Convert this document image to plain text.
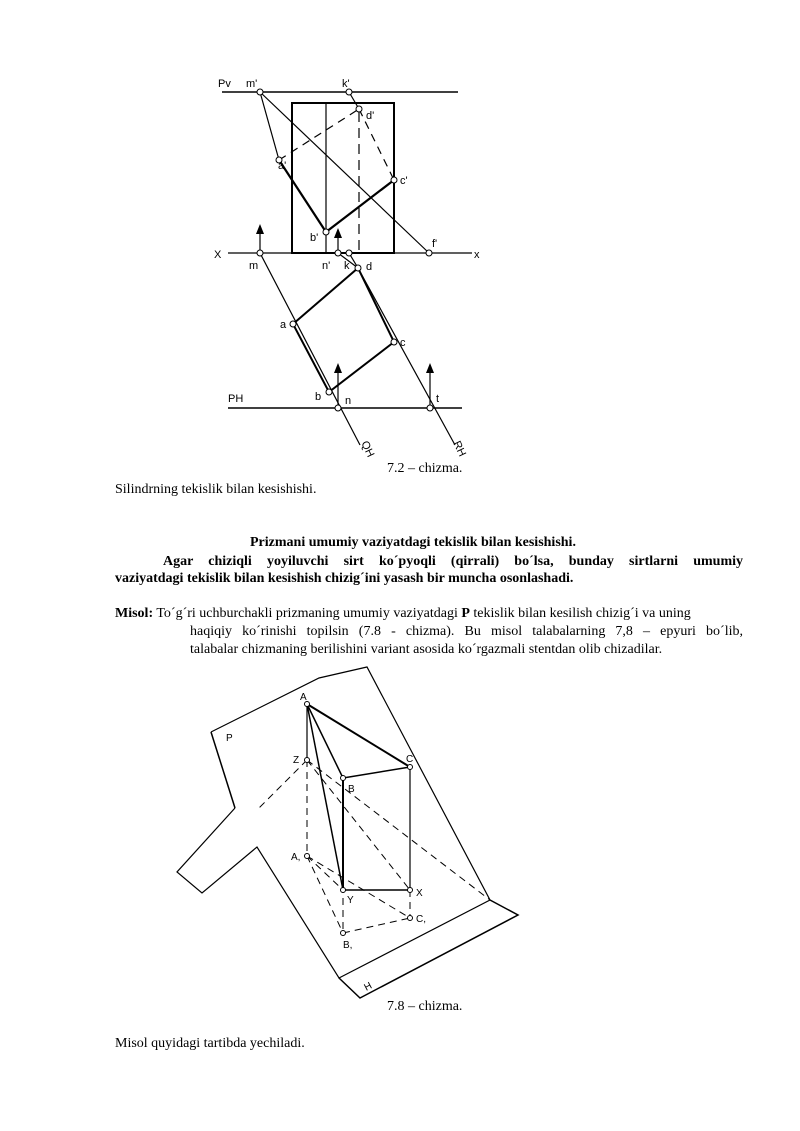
Pv m'	k'
d'
a'
c'
b'	f'
X	x
m	n' k d
a
c
b n	t
PH
QH	RH
7.2 – chizma.
Silindrning tekislik bilan kesishishi.
Prizmani umumiy vaziyatdagi tekislik bilan kesishishi.
Agar chiziqli yoyiluvchi sirt ko´pyoqli (qirrali) bo´lsa, bunday sirtlarni umumiy
vaziyatdagi tekislik bilan kesishish chizig´ini yasash bir muncha osonlashadi.
Misol: To´g´ri uchburchakli prizmaning umumiy vaziyatdagi P tekislik bilan kesilish chizig´i va uning
haqiqiy ko´rinishi topilsin (7.8 - chizma). Bu misol talabalarning 7,8 – epyuri bo´lib,
talabalar chizmaning berilishini variant asosida ko´rgazmali stentdan olib chizadilar.
P
A
C
Z
B
A,
X
Y
C,
B,
H
7.8 – chizma.
Misol quyidagi tartibda yechiladi.
